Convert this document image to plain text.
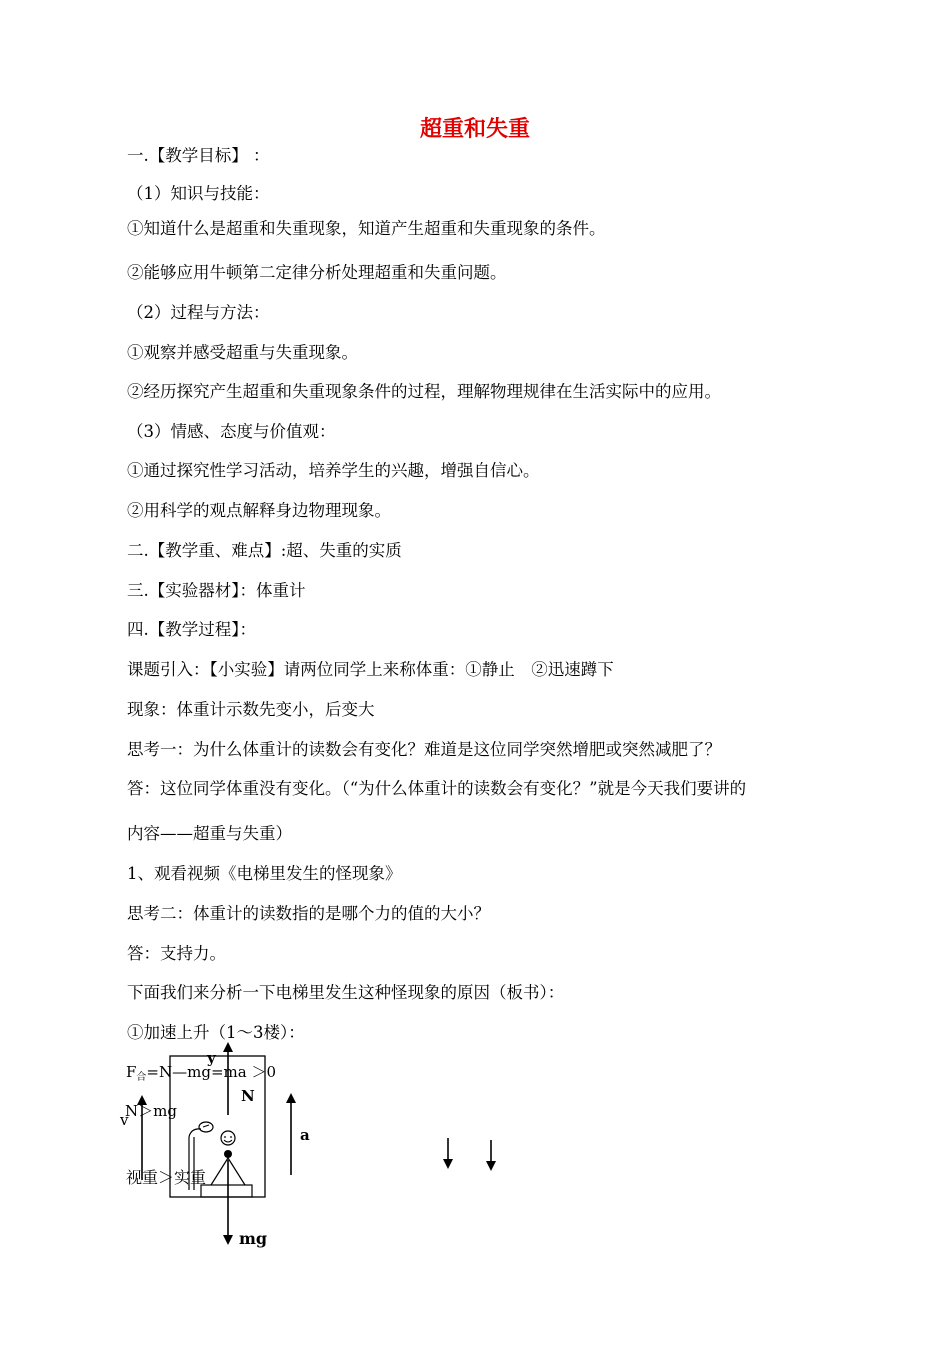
超重和失重
一.【教学目标】 ：
（1）知识与技能：
①知道什么是超重和失重现象，知道产生超重和失重现象的条件。
②能够应用牛顿第二定律分析处理超重和失重问题。
（2）过程与方法：
①观察并感受超重与失重现象。
②经历探究产生超重和失重现象条件的过程，理解物理规律在生活实际中的应用。
（3）情感、态度与价值观：
①通过探究性学习活动，培养学生的兴趣，增强自信心。
②用科学的观点解释身边物理现象。
二.【教学重、难点】:超、失重的实质
三.【实验器材】：体重计
四.【教学过程】：
课题引入：【小实验】请两位同学上来称体重：①静止　②迅速蹲下
现象：体重计示数先变小，后变大
思考一：为什么体重计的读数会有变化？难道是这位同学突然增肥或突然减肥了？
答：这位同学体重没有变化。（“为什么体重计的读数会有变化？”就是今天我们要讲的
内容——超重与失重）
1、观看视频《电梯里发生的怪现象》
思考二：体重计的读数指的是哪个力的值的大小？
答：支持力。
下面我们来分析一下电梯里发生这种怪现象的原因（板书）：
①加速上升（1～3楼）：
$F_合=N—mg=ma >0$
N＞mg
视重＞实重
y
N
a
v
mg
